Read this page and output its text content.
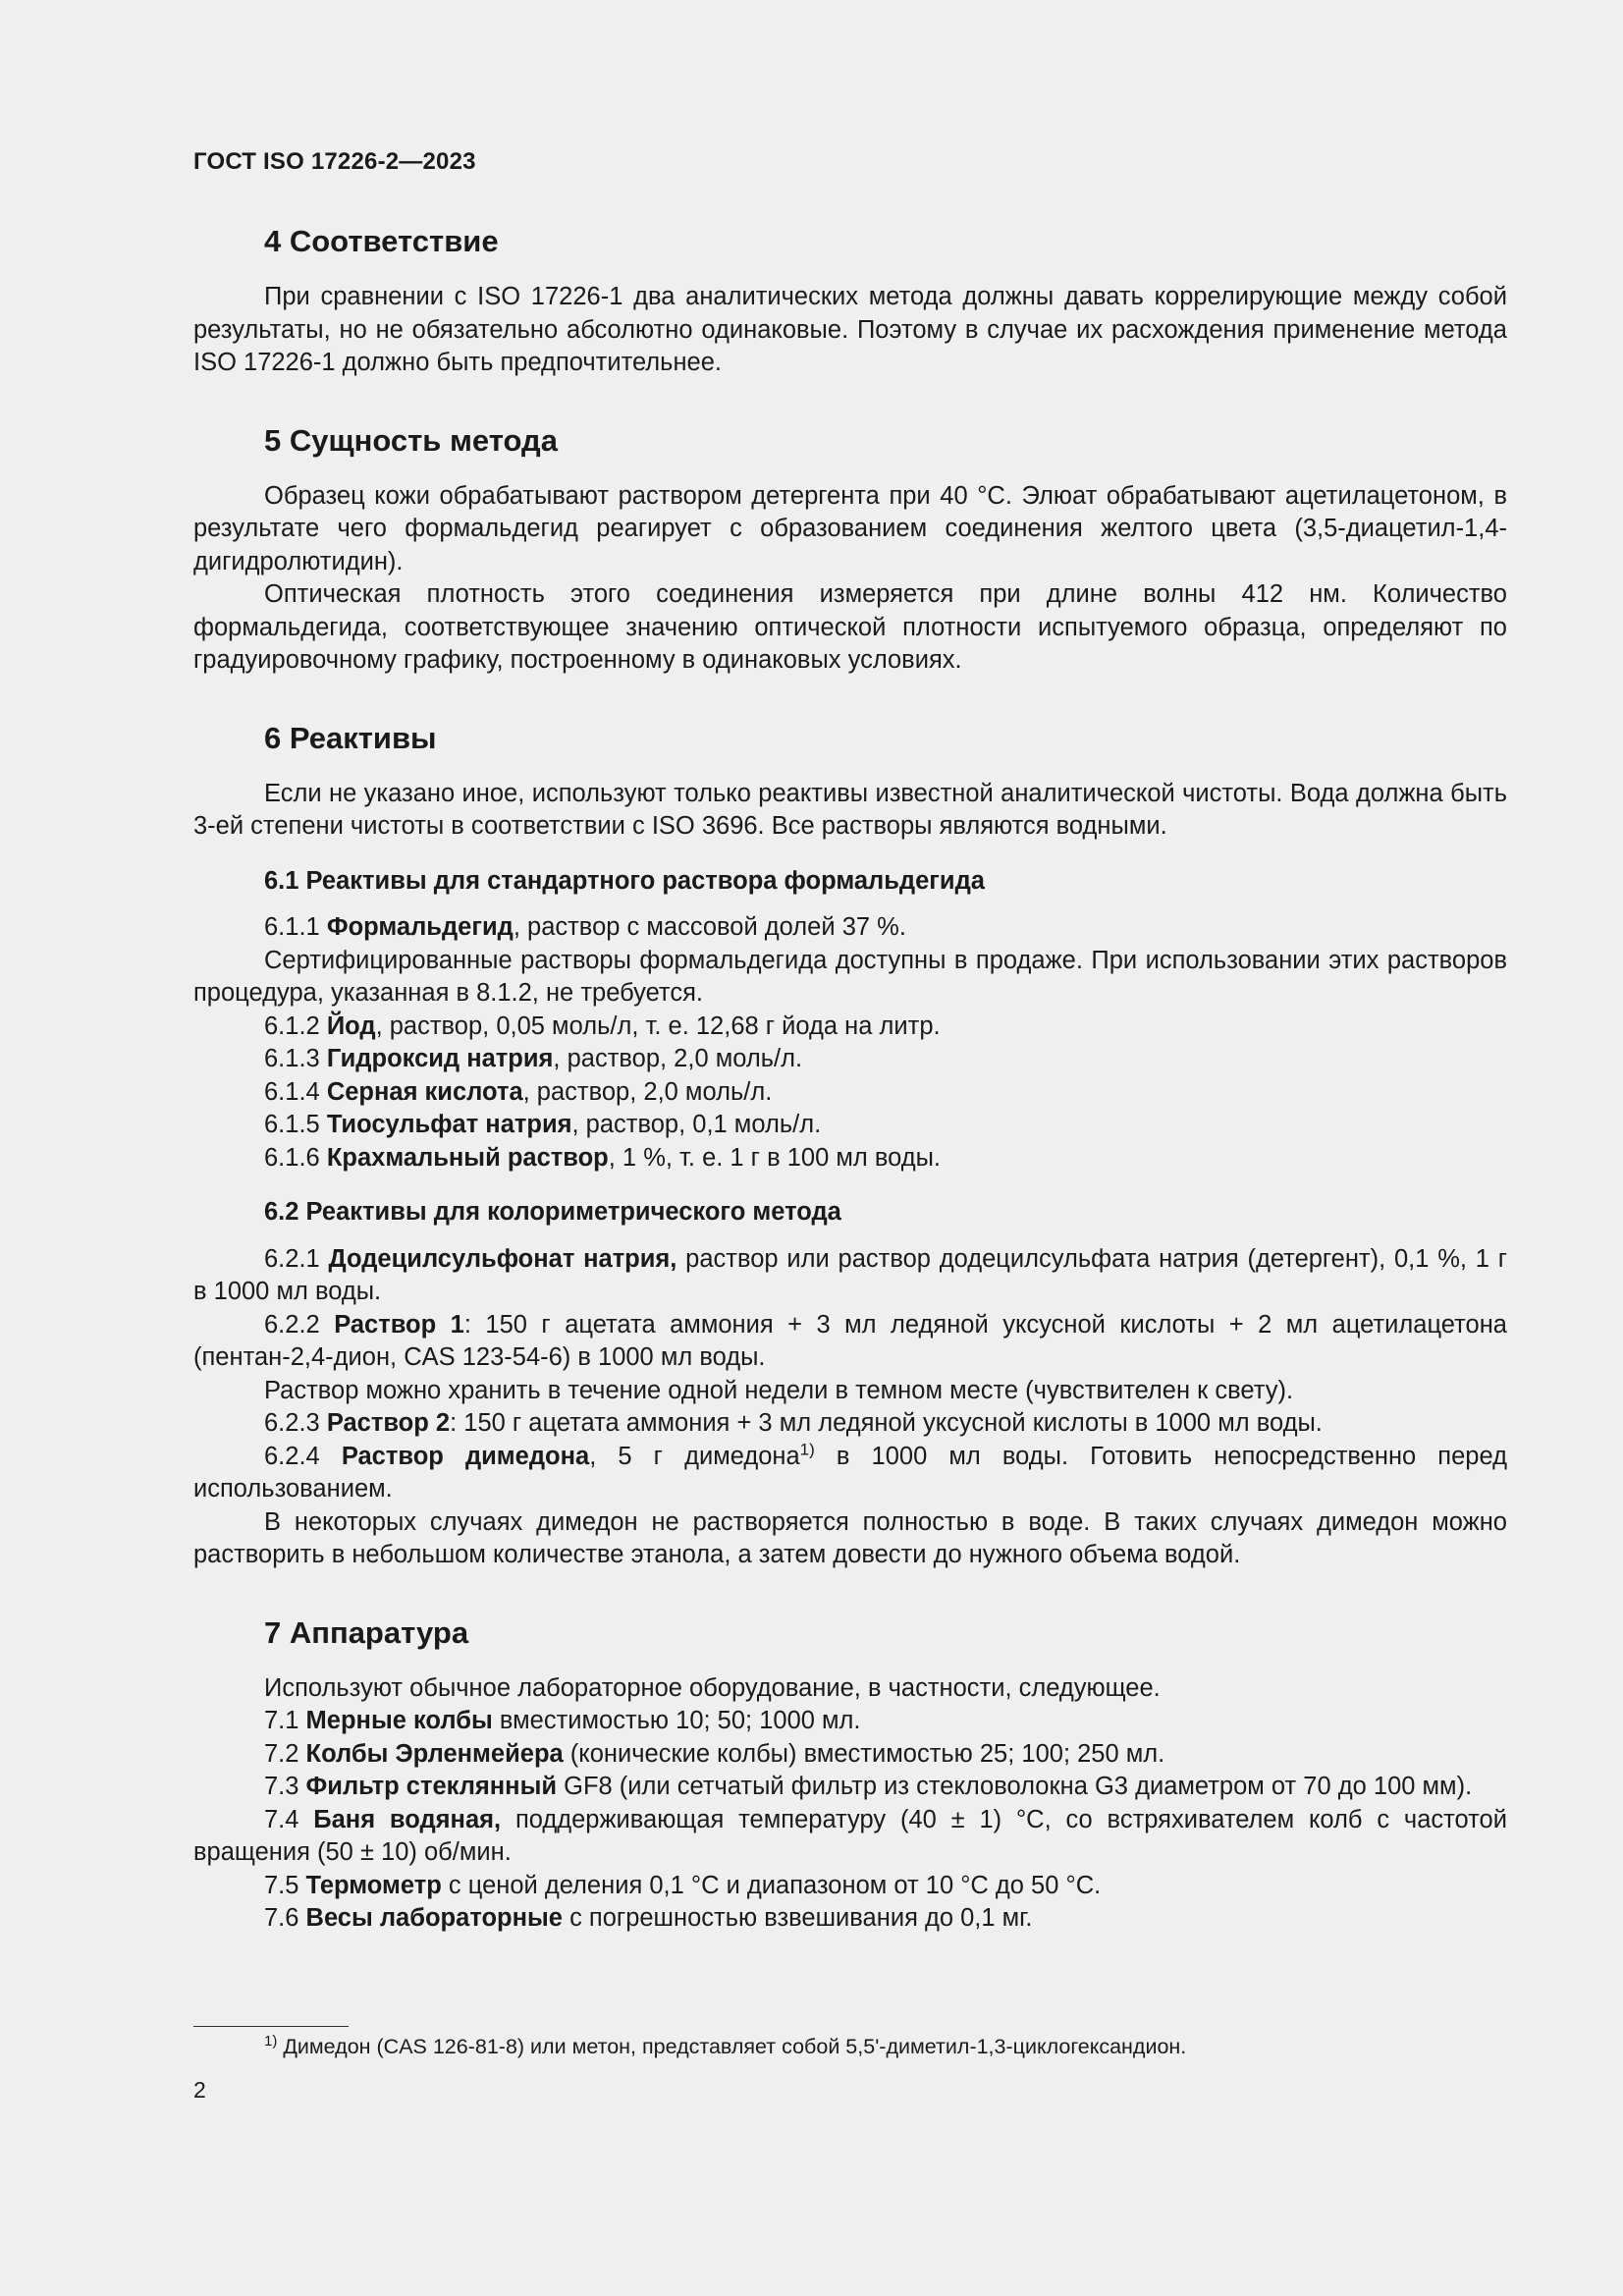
ГОСТ ISO 17226-2—2023
4 Соответствие

При сравнении с ISO 17226-1 два аналитических метода должны давать коррелирующие между собой результаты, но не обязательно абсолютно одинаковые. Поэтому в случае их расхождения применение метода ISO 17226-1 должно быть предпочтительнее.

5 Сущность метода

Образец кожи обрабатывают раствором детергента при 40 °С. Элюат обрабатывают ацетилацетоном, в результате чего формальдегид реагирует с образованием соединения желтого цвета (3,5-диацетил-1,4-дигидролютидин).

Оптическая плотность этого соединения измеряется при длине волны 412 нм. Количество формальдегида, соответствующее значению оптической плотности испытуемого образца, определяют по градуировочному графику, построенному в одинаковых условиях.

6 Реактивы

Если не указано иное, используют только реактивы известной аналитической чистоты. Вода должна быть 3-ей степени чистоты в соответствии с ISO 3696. Все растворы являются водными.

6.1 Реактивы для стандартного раствора формальдегида

6.1.1 Формальдегид, раствор с массовой долей 37 %.

Сертифицированные растворы формальдегида доступны в продаже. При использовании этих растворов процедура, указанная в 8.1.2, не требуется.

6.1.2 Йод, раствор, 0,05 моль/л, т. е. 12,68 г йода на литр.

6.1.3 Гидроксид натрия, раствор, 2,0 моль/л.

6.1.4 Серная кислота, раствор, 2,0 моль/л.

6.1.5 Тиосульфат натрия, раствор, 0,1 моль/л.

6.1.6 Крахмальный раствор, 1 %, т. е. 1 г в 100 мл воды.

6.2 Реактивы для колориметрического метода

6.2.1 Додецилсульфонат натрия, раствор или раствор додецилсульфата натрия (детергент), 0,1 %, 1 г в 1000 мл воды.

6.2.2 Раствор 1: 150 г ацетата аммония + 3 мл ледяной уксусной кислоты + 2 мл ацетилацетона (пентан-2,4-дион, CAS 123-54-6) в 1000 мл воды.

Раствор можно хранить в течение одной недели в темном месте (чувствителен к свету).

6.2.3 Раствор 2: 150 г ацетата аммония + 3 мл ледяной уксусной кислоты в 1000 мл воды.

6.2.4 Раствор димедона, 5 г димедона$^{1)}$ в 1000 мл воды. Готовить непосредственно перед использованием.

В некоторых случаях димедон не растворяется полностью в воде. В таких случаях димедон можно растворить в небольшом количестве этанола, а затем довести до нужного объема водой.

7 Аппаратура

Используют обычное лабораторное оборудование, в частности, следующее.

7.1 Мерные колбы вместимостью 10; 50; 1000 мл.

7.2 Колбы Эрленмейера (конические колбы) вместимостью 25; 100; 250 мл.

7.3 Фильтр стеклянный GF8 (или сетчатый фильтр из стекловолокна G3 диаметром от 70 до 100 мм).

7.4 Баня водяная, поддерживающая температуру (40 ± 1) °С, со встряхивателем колб с частотой вращения (50 ± 10) об/мин.

7.5 Термометр с ценой деления 0,1 °С и диапазоном от 10 °С до 50 °С.

7.6 Весы лабораторные с погрешностью взвешивания до 0,1 мг.

$^{1)}$ Димедон (CAS 126-81-8) или метон, представляет собой 5,5'-диметил-1,3-циклогександион.
2
